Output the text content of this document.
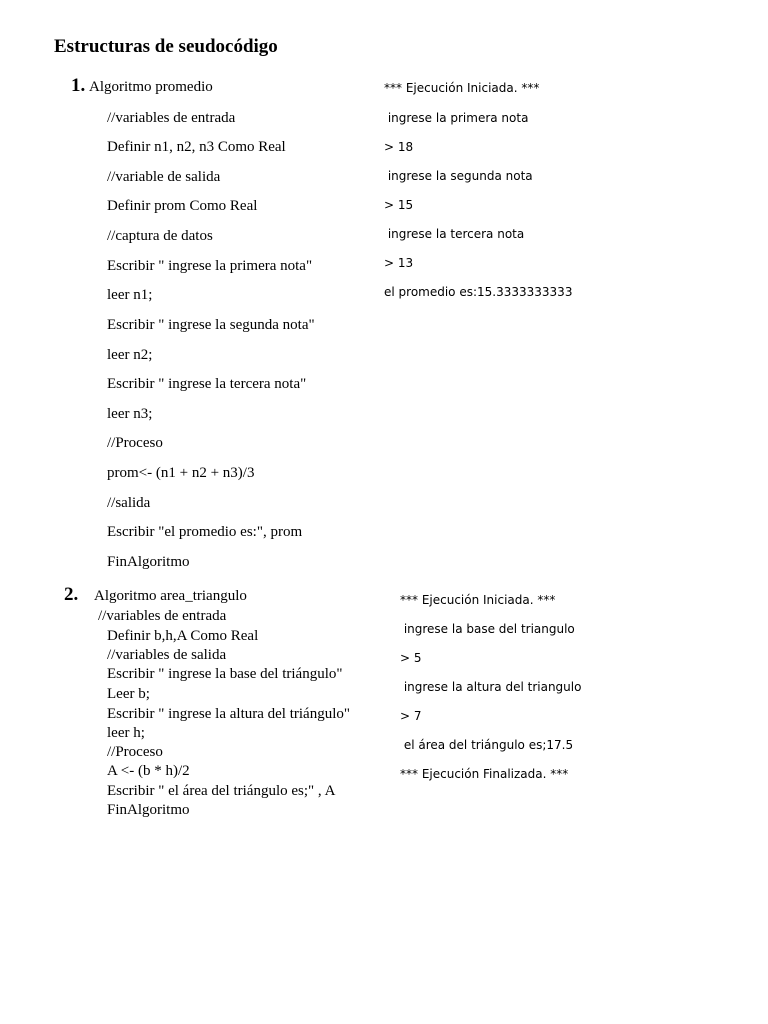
Estructuras de seudocódigo
1. Algoritmo promedio
//variables de entrada
Definir n1, n2, n3 Como Real
//variable de salida
Definir prom Como Real
//captura de datos
Escribir " ingrese la primera nota"
leer n1;
Escribir " ingrese la segunda nota"
leer n2;
Escribir " ingrese la tercera nota"
leer n3;
//Proceso
prom<- (n1 + n2 + n3)/3
//salida
Escribir "el promedio es:", prom
FinAlgoritmo
*** Ejecución Iniciada. ***
ingrese la primera nota
> 18
ingrese la segunda nota
> 15
ingrese la tercera nota
> 13
el promedio es:15.3333333333
2. Algoritmo area_triangulo
//variables de entrada
Definir b,h,A Como Real
//variables de salida
Escribir " ingrese la base del triángulo"
Leer b;
Escribir " ingrese la altura del triángulo"
leer h;
//Proceso
A <- (b * h)/2
Escribir " el área del triángulo es;" , A
FinAlgoritmo
*** Ejecución Iniciada. ***
ingrese la base del triangulo
> 5
ingrese la altura del triangulo
> 7
el área del triángulo es;17.5
*** Ejecución Finalizada. ***
